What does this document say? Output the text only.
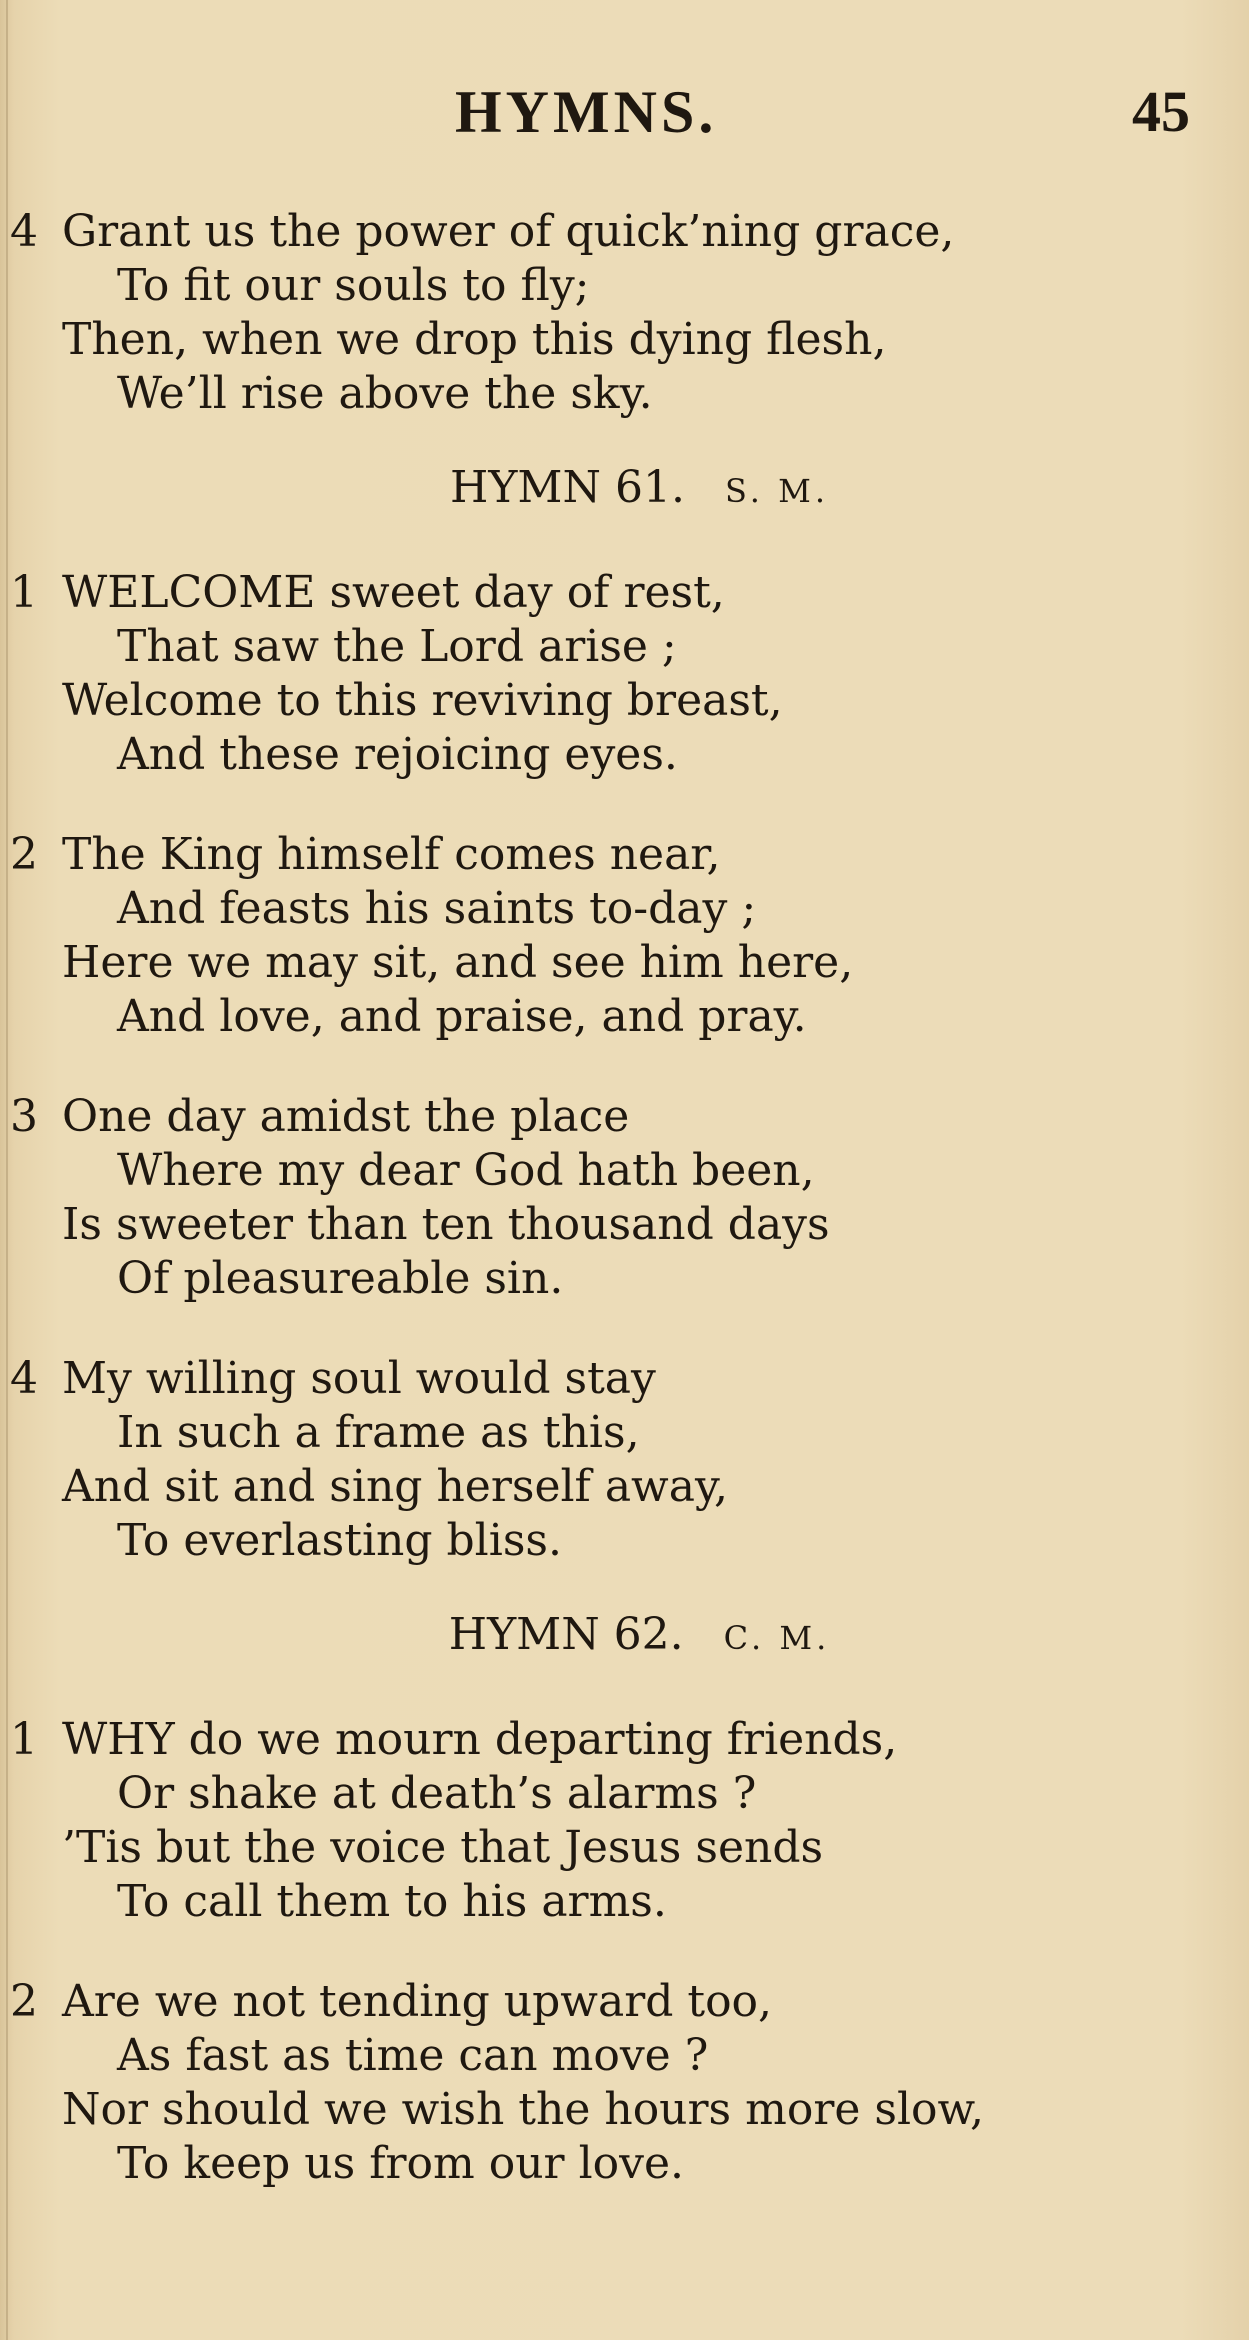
HYMNS.	45
4 Grant us the power of quick’ning grace,
To fit our souls to fly;
Then, when we drop this dying flesh,
We’ll rise above the sky.
HYMN 61. S. M.
1 WELCOME sweet day of rest,
That saw the Lord arise ;
Welcome to this reviving breast,
And these rejoicing eyes.
2 The King himself comes near,
And feasts his saints to-day ;
Here we may sit, and see him here,
And love, and praise, and pray.
3 One day amidst the place
Where my dear God hath been,
Is sweeter than ten thousand days
Of pleasureable sin.
4 My willing soul would stay
In such a frame as this,
And sit and sing herself away,
To everlasting bliss.
HYMN 62. C. M.
1 WHY do we mourn departing friends,
Or shake at death’s alarms ?
’Tis but the voice that Jesus sends
To call them to his arms.
2 Are we not tending upward too,
As fast as time can move ?
Nor should we wish the hours more slow,
To keep us from our love.
